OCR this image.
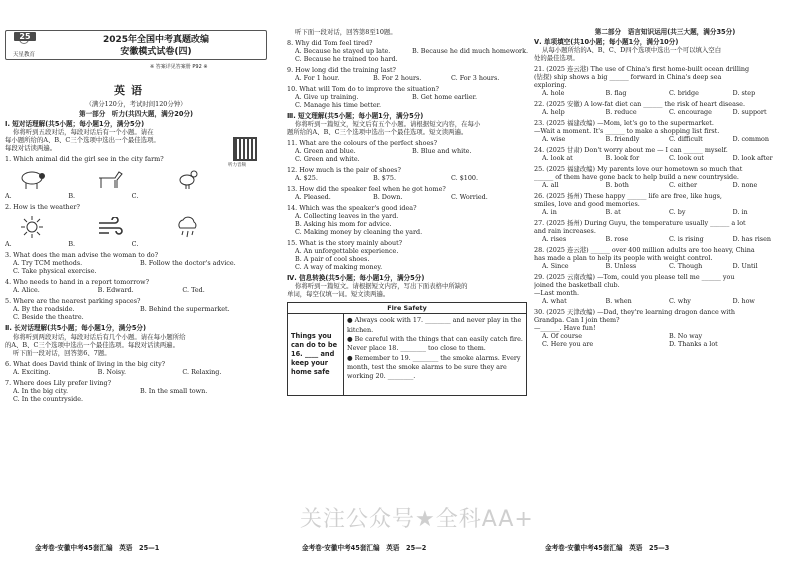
天星教育
25	2025年全国中考真题改编
安徽模式试卷(四)
※ 答案详见答案册 P92 ※
英语
（满分120分，考试时间120分钟）
第一部分　听力(共四大题，满分20分)
Ⅰ. 短对话理解(共5小题；每小题1分，满分5分)
你将听到五段对话，每段对话后有一个小题。请在
每小题所给的A、B、C三个选项中选出一个最佳选项。
每段对话读两遍。
1. Which animal did the girl see in the city farm?
A.	B.	C.
2. How is the weather?
A.	B.	C.
3. What does the man advise the woman to do?
A. Try TCM methods.	B. Follow the doctor's advice.
C. Take physical exercise.
4. Who needs to hand in a report tomorrow?
A. Alice.	B. Edward.	C. Ted.
5. Where are the nearest parking spaces?
A. By the roadside.	B. Behind the supermarket.
C. Beside the theatre.
Ⅱ. 长对话理解(共5小题；每小题1分，满分5分)
你将听到两段对话，每段对话后有几个小题。请在每小题所给
的A、B、C三个选项中选出一个最佳选项。每段对话读两遍。
听下面一段对话，回答第6、7题。
6. What does David think of living in the big city?
A. Exciting.	B. Noisy.	C. Relaxing.
7. Where does Lily prefer living?
A. In the big city.	B. In the small town.
C. In the countryside.
听力音频
听下面一段对话，回答第8至10题。
8. Why did Tom feel tired?
A. Because he stayed up late.	B. Because he did much homework.
C. Because he trained too hard.
9. How long did the training last?
A. For 1 hour.	B. For 2 hours.	C. For 3 hours.
10. What will Tom do to improve the situation?
A. Give up training.	B. Get home earlier.
C. Manage his time better.
Ⅲ. 短文理解(共5小题；每小题1分，满分5分)
你将听到一篇短文，短文后有五个小题。请根据短文内容，在每小
题所给的A、B、C三个选项中选出一个最佳选项。短文读两遍。
11. What are the colours of the perfect shoes?
A. Green and blue.	B. Blue and white.
C. Green and white.
12. How much is the pair of shoes?
A. $25.	B. $75.	C. $100.
13. How did the speaker feel when he got home?
A. Pleased.	B. Down.	C. Worried.
14. Which was the speaker's good idea?
A. Collecting leaves in the yard.
B. Asking his mom for advice.
C. Making money by cleaning the yard.
15. What is the story mainly about?
A. An unforgettable experience.
B. A pair of cool shoes.
C. A way of making money.
Ⅳ. 信息转换(共5小题；每小题1分，满分5分)
你将听到一篇短文。请根据短文内容，写出下面表格中所缺的
单词，每空仅填一词。短文读两遍。
Fire Safety
Things you can do to be 16. ____ and keep your home safe
● Always cook with 17. ________ and never play in the kitchen.
● Be careful with the things that can easily catch fire. Never place 18. ________ too close to them.
● Remember to 19. ________ the smoke alarms. Every month, test the smoke alarms to be sure they are working 20. ________.
第二部分　语言知识运用(共三大题，满分35分)
Ⅴ. 单项填空(共10小题；每小题1分，满分10分)
从每小题所给的A、B、C、D四个选项中选出一个可以填入空白
处的最佳选项。
21. (2025 连云港) The use of China's first home-built ocean drilling
(钻探) ship shows a big ______ forward in China's deep sea
exploring.
A. hole	B. flag	C. bridge	D. step
22. (2025 安徽) A low-fat diet can ______ the risk of heart disease.
A. help	B. reduce	C. encourage	D. support
23. (2025 福建改编) —Mom, let's go to the supermarket.
—Wait a moment. It's ______ to make a shopping list first.
A. wise	B. friendly	C. difficult	D. common
24. (2025 甘肃) Don't worry about me — I can ______ myself.
A. look at	B. look for	C. look out	D. look after
25. (2025 福建改编) My parents love our hometown so much that
______ of them have gone back to help build a new countryside.
A. all	B. both	C. either	D. none
26. (2025 扬州) These happy ______ life are free, like hugs,
smiles, love and good memories.
A. in	B. at	C. by	D. in
27. (2025 扬州) During Guyu, the temperature usually ______ a lot
and rain increases.
A. rises	B. rose	C. is rising	D. has risen
28. (2025 连云港) ______ over 400 million adults are too heavy, China
has made a plan to help its people with weight control.
A. Since	B. Unless	C. Though	D. Until
29. (2025 云南改编) —Tom, could you please tell me ______ you
joined the basketball club.
—Last month.
A. what	B. when	C. why	D. how
30. (2025 天津改编) —Dad, they're learning dragon dance with
Grandpa. Can I join them?
—______. Have fun!
A. Of course	B. No way
C. Here you are	D. Thanks a lot
关注公众号★全科AA+
金考卷·安徽中考45套汇编　英语　25—1	金考卷·安徽中考45套汇编　英语　25—2	金考卷·安徽中考45套汇编　英语　25—3
